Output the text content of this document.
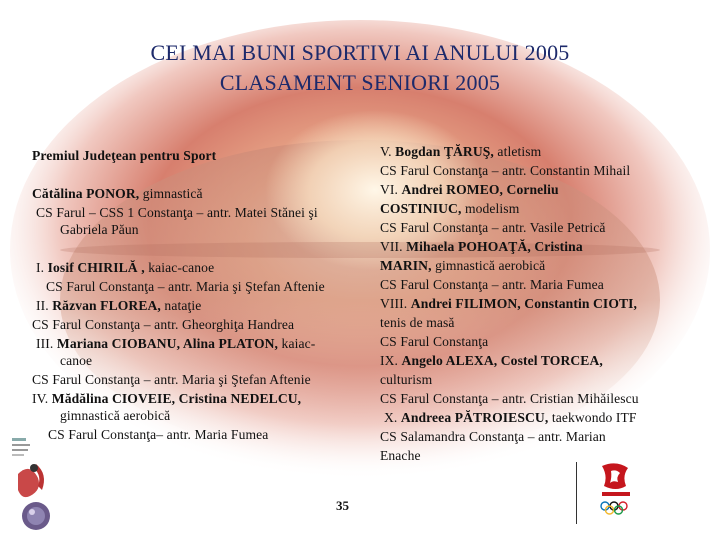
CEI MAI BUNI SPORTIVI AI ANULUI 2005
CLASAMENT SENIORI 2005
Premiul Judeţean pentru Sport
Cătălina PONOR, gimnastică
CS Farul – CSS 1 Constanţa – antr. Matei Stănei şi
Gabriela Păun
I. Iosif CHIRILĂ , kaiac-canoe
CS Farul Constanţa – antr. Maria şi Ştefan Aftenie
II. Răzvan FLOREA, nataţie
CS Farul Constanţa – antr. Gheorghiţa Handrea
III. Mariana CIOBANU, Alina PLATON, kaiac-
canoe
CS Farul Constanţa – antr. Maria şi Ştefan Aftenie
IV. Mădălina CIOVEIE, Cristina NEDELCU,
gimnastică aerobică
CS Farul Constanţa– antr. Maria Fumea
V. Bogdan ŢĂRUŞ, atletism
CS Farul Constanţa – antr. Constantin Mihail
VI. Andrei ROMEO, Corneliu
COSTINIUC, modelism
CS Farul Constanţa – antr. Vasile Petrică
VII. Mihaela POHOAŢĂ, Cristina
MARIN, gimnastică aerobică
CS Farul Constanţa – antr. Maria Fumea
VIII. Andrei FILIMON, Constantin CIOTI,
tenis de masă
CS Farul Constanţa
IX. Angelo ALEXA, Costel TORCEA,
culturism
CS Farul Constanţa – antr. Cristian Mihăilescu
X. Andreea PĂTROIESCU, taekwondo ITF
CS Salamandra Constanţa – antr. Marian
Enache
35
